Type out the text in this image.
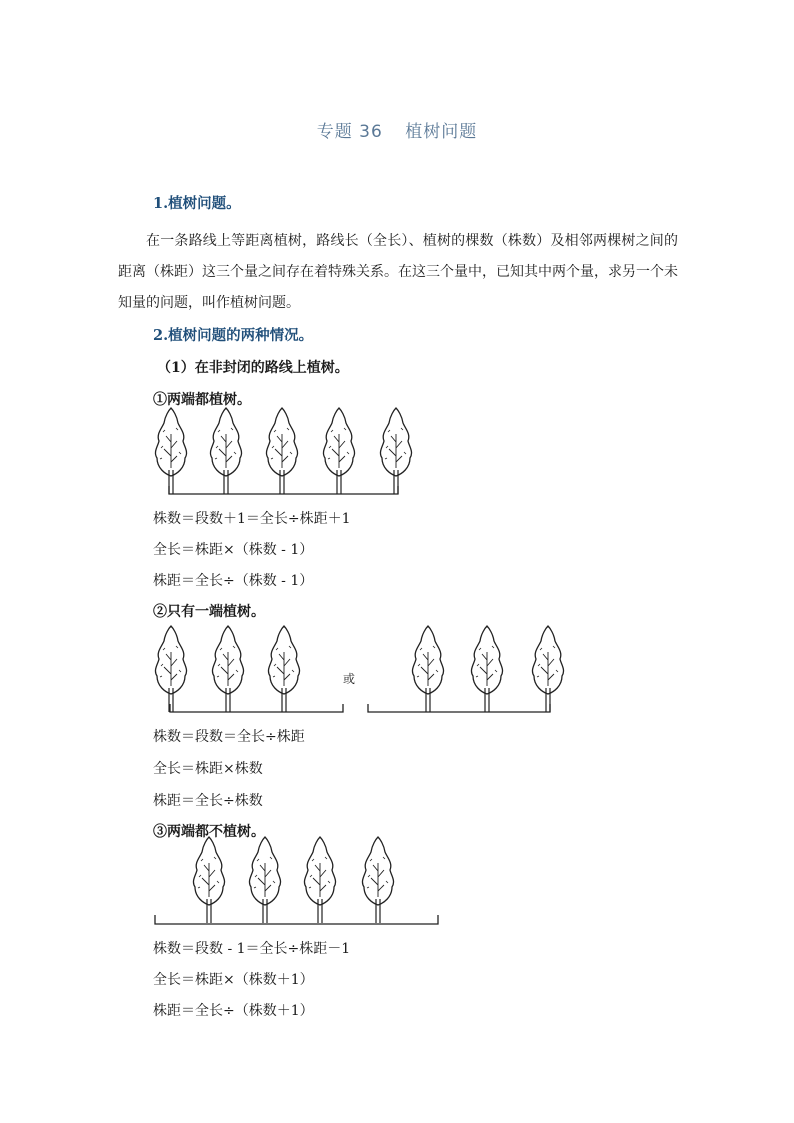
专题 36 植树问题
1.植树问题。
在一条路线上等距离植树，路线长（全长）、植树的棵数（株数）及相邻两棵树之间的距离（株距）这三个量之间存在着特殊关系。在这三个量中，已知其中两个量，求另一个未知量的问题，叫作植树问题。
2.植树问题的两种情况。
（1）在非封闭的路线上植树。
①两端都植树。
株数＝段数＋1＝全长÷株距＋1
全长＝株距×（株数 - 1）
株距＝全长÷（株数 - 1）
②只有一端植树。
或
株数＝段数＝全长÷株距
全长＝株距×株数
株距＝全长÷株数
③两端都不植树。
株数＝段数 - 1＝全长÷株距－1
全长＝株距×（株数＋1）
株距＝全长÷（株数＋1）
